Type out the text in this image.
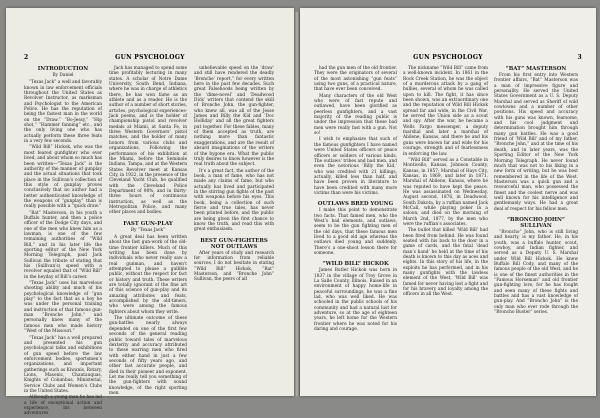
2	GUN PSYCHOLOGY
INTRODUCTION
By Daniel

“Texas Jack” a well and favorably known in law enforcement officials throughout the United States as Revolver Instructor, as marksman and Psychologist to the American Police. He has the reputation of being the fastest man in the world on the “Draw.” “Bo-Jessy,” “Hip shot,” “Hammer fanning” etc., and the only living one who has actually perform these three feats in a very few seconds.

“Wild Bill” Hickok, who was the most feared gunfighter who ever lived, and about whom so much has been written—“Texas Jack” is the authority of the manner of gunplay and the actual situations that took place in the Sullivan’s collection of this style of gunplay proves conclusively that no author had a better authenticated knowledge of the weapons of “gunplay” than is really possible with a “quick draw.”

“Bat” Masterson, in his youth a Buffalo hunter, and then a police officer of the Dodge City days, and one of the men who knew him as a lawman, is one of the few remaining authorities of “Wild Bill,” and in his later life the sporting editor of the New York Morning Telegraph, paid Jack Sullivan the tribute of stating that his (Sullivan’s) speed with a revolver equaled that of “Wild Bill” in the heyday of Bill’s career.

“Texas Jack” uses his marvelous shooting ability and much of his psychological knowledge of “gun play” to the fact that as a boy he was under the personal training and instruction of that famous gun-man “Bronche John,” and personally knew many of the famous men who made history “West of the Missouri.”

“Texas Jack” has a well prepared and presented his gun psychological talks and exhibitions of gun speed before the law enforcement bodies, sportsmen’s organizations, and important gatherings such as Kiwanis, Rotary, Lions, Masonic, Chautauquas, Knights of Columbus, Ministerial, Service Clubs and Women’s Clubs in the United States.

Although a young man he has led a life of exceptional action and experience, his between adventures

Jack has managed to spend some time profitably lecturing in many states. A scholar of Notre Dame University, South Bend, Indiana, where he was in charge of athletics there, he has won fame as an athlete and as a reader. He is the author of a number of short stories, articles, psychological experiences-Jack poems, and is the holder of championship pistol and revolver medals at Miami, at Santa Fe, in three Western Governors’ pistol matches, and the holder of many honors from various clubs and organizations. Following the performance of his exhibition at the Miami, before the Seminole Indians, Tampa, and at the Western States Revolver meet at Kansas City, in 1922, in the presence of the Cleveland Yacht Club, he qualified with the Cleveland Police Department of 98%, and in thirty-three hours of continuous instruction, as well as the Metropolitan Police, and many other places and bodies.

FAST GUN-PLAY
By “Texas Jack”

A great deal has been written about the fast gun-work of the old-time frontier killers. Much of this writing has been done by individuals who never really saw a real gunman, and haven’t attempted to please a gullible public, without the respect for fact or history and truth. These writers are totally ignorant of the fine art of this science of gun-play and its amazing attributes and feats, accomplished by the old-timers, who were among the famous fighters about whom they write.

The ultimate outcome of these gun-battles nearly always depended on one of the first few seconds of the general reading public toward tales of marvelous dexterity and accuracy attributed to these warring men who fired with either hand in just a few seconds of fifty years ago, and other fast accurate people, and died in their pioneer and exponent. Let me really tell you something of the gun-fighters with sound knowledge, of the right sporting men.

unbelievable speed on the ‘draw’ and still have rendered the deadly ‘Bronche’ report,” for every written here in the past few decades. Such great Falsehoods being written by the ‘dime-novel’ and ‘Deadwood Dick’ writers that contend the skill of Bronche John, the gun-fighter, who knew all, was all of the Jesse James and Billy the Kid and ‘Doc Holliday’ and all the great fighters put together. For these fables, many of them accepted as truth, are nothing more than fantastic exaggerations, and are the result of absurd imaginations of the writers of the bygone era. What the public truly desires to know however is the real truth about the subject.

It’s a great fact, the author of the book, a man of fame, who has not made any claims of fame, but who actually has lived and participated in the stirring gun fights of the past with weapons before his eyes. This book, being a collection of such fierce and true tales, has never been printed before, and the public are being given the first chance to know the truth, and read this with great enthusiasm.

BEST GUN-FIGHTERS NOT OUTLAWS

After years of study and research for information from reliable sources, I do not hesitate in stating “Wild Bill” Hickok, “Bat” Masterson, and “Bronche John” Sullivan, the peers of all

GUN PSYCHOLOGY	3

had the gun men of the old frontier. They were the originators of several of the most astonishing “gun feats” using two guns, of a practical nature, that have ever been conceived.

Many characters of the old West who were of fast repute and outlawed, have been glorified as peerless gunfighters, and a vast majority of the reading public is under the impression that these bad men were really fast with a gun. Not so!

I wish to emphasize that such of the famous gunfighters I have named were United States officers or peace officers or soldiers of various kinds. The outlaws’ tribes and bad men, and even the notorious ‘Billy the Kid,’ who was credited with 21 killings, actually, killed less than half, and have been proven in literature to have been credited with many more victims than were his victims.

OUTLAWS BRED YOUNG

I make this point to demonstrate two facts. That famed men, who the West’s bad elements, and outlaws, seem to be the gun fighting men of the old days, that these famous men lived to a good old age whereas the outlaws died young and suddenly. There’s a one-shoot lesson there for someone.

“WILD BILL” HICKOK

James Butler Hickok was born in 1837 in the village of Troy Grove in La Salle County, Illinois. Raised in an environment of happy home-life in peaceful surroundings, he was a fine lad, who was well liked. He was schooled in the public schools of his community and had a natural lust for adventure, so at the age of eighteen years, he left home for the Western frontier where he was noted for his daring and courage.

The nickname “Wild Bill” came from a well-known incident. In 1861 in the Rock Creek Station, he was the object of a murderous attack by a gang of bullies, several of whom he was called upon to kill. The fight, it has since been shown, was an extraordinary one and the reputation of Wild Bill Hickok spread far and wide, in the Civil War, he served the Union side as a scout and spy. After the war, he became a Wells Fargo messenger, a deputy marshal and later a marshal of Abilene, Kansas, and there he and his guns were known far and wide for his courage, strength and of fearlessness in enforcing the law.

“Wild Bill” served as a Constable in Monticello, Kansas, Johnson County, Kansas, in 1857; Marshal of Hays City, Kansas, in 1869, and later in 1871, Marshal of Abilene, Kansas, where he was reputed to have kept the peace. He was assassinated on Wednesday, August second, 1876, in Deadwood, South Dakota, by a ruffian named Jack McCall, while playing poker in a saloon, and died on the morning of March 2nd, 1877, by the men who were the ruffian’s associates.

The bullet that killed ‘Wild Bill’ had been fired from behind. He was found seated with his back to the door in a game of cards, and the fatal ‘dead man’s hand’ he held at the time of his death is known to this day as aces and eights. In this story of his life, in the exploits he has performed, and in his many gunfights with the lawless element of the West, ‘Wild Bill’ was famed for never having lost a fight and for his bravery and loyalty among the officers in all the West.

“BAT” MASTERSON

From his first entry into Western frontier affairs, “Bat” Masterson was a man of impressive figure and personality. He served the United States Government as a U. S. Deputy Marshal and served as Sheriff of wild cowtowns and a number of other positions. His speed and accuracy with his guns was known, fearsome, and his cool judgment and determination brought him through many gun battles. He was a good friend of ‘Wild Bill’ and of my father, “Bronche John,” and at the time of his death, and in later years, was the Sporting Editor of the New York Morning Telegraph. He never found much that was not to his liking in a new form of writing, but he was best remembered in the life of the West. Masterson was a quick gun and a resourceful man, who possessed the finest and the coolest nerve and was well known for his intelligence and gentlemanly ways. He had a great deal of respect for his fellow men.

“BRONCHO JOHN” SULLIVAN

“Broncho” John, who is still living and hearty, is my father. He, in his youth, was a buffalo hunter, scout, cowboy, and Indian fighter, and served as a Deputy U. S. Marshal under Wild Bill Hickok. He knew Buffalo Bill Cody, and many of the famous people of the old West, and he is one of the finest authorities in the “Famous Horseman” and old frontier gun-fighting lore, for he has fought and seen many of these fights and battles and has a vast knowledge of gun-play. And “Broncho John” is the only man who ever rode through the “Broncho Buster” series.
